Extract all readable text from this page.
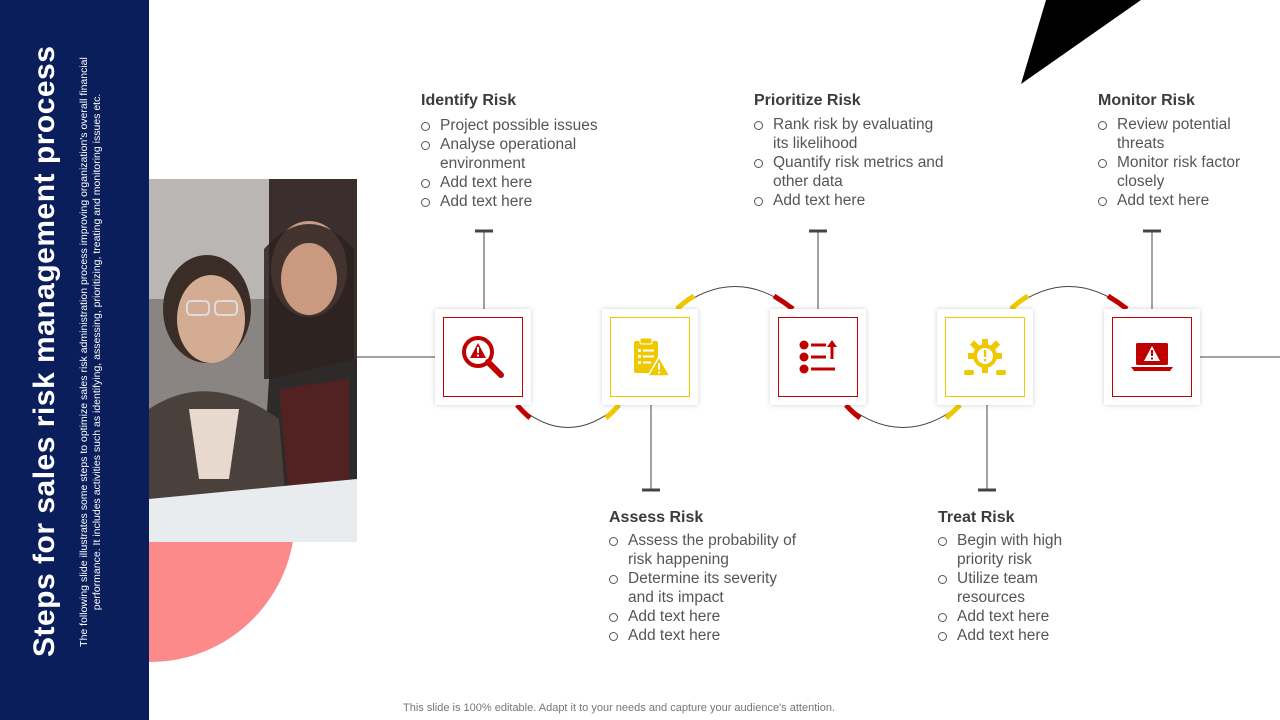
Steps for sales risk management process The following slide illustrates some steps to optimize sales risk administration process improving organization's overall financial performance. It includes activities such as identifying, assessing, prioritizing, treating and monitoring issues etc.	Identify Risk
Project possible issues
Analyse operational environment
Add text here
Add text here
Prioritize Risk
Rank risk by evaluating its likelihood
Quantify risk metrics and other data
Add text here
Monitor Risk
Review potential threats
Monitor risk factor closely
Add text here
Assess Risk
Assess the probability of risk happening
Determine its severity and its impact
Add text here
Add text here
Treat Risk
Begin with high priority risk
Utilize team resources
Add text here
Add text here
This slide is 100% editable. Adapt it to your needs and capture your audience's attention.
